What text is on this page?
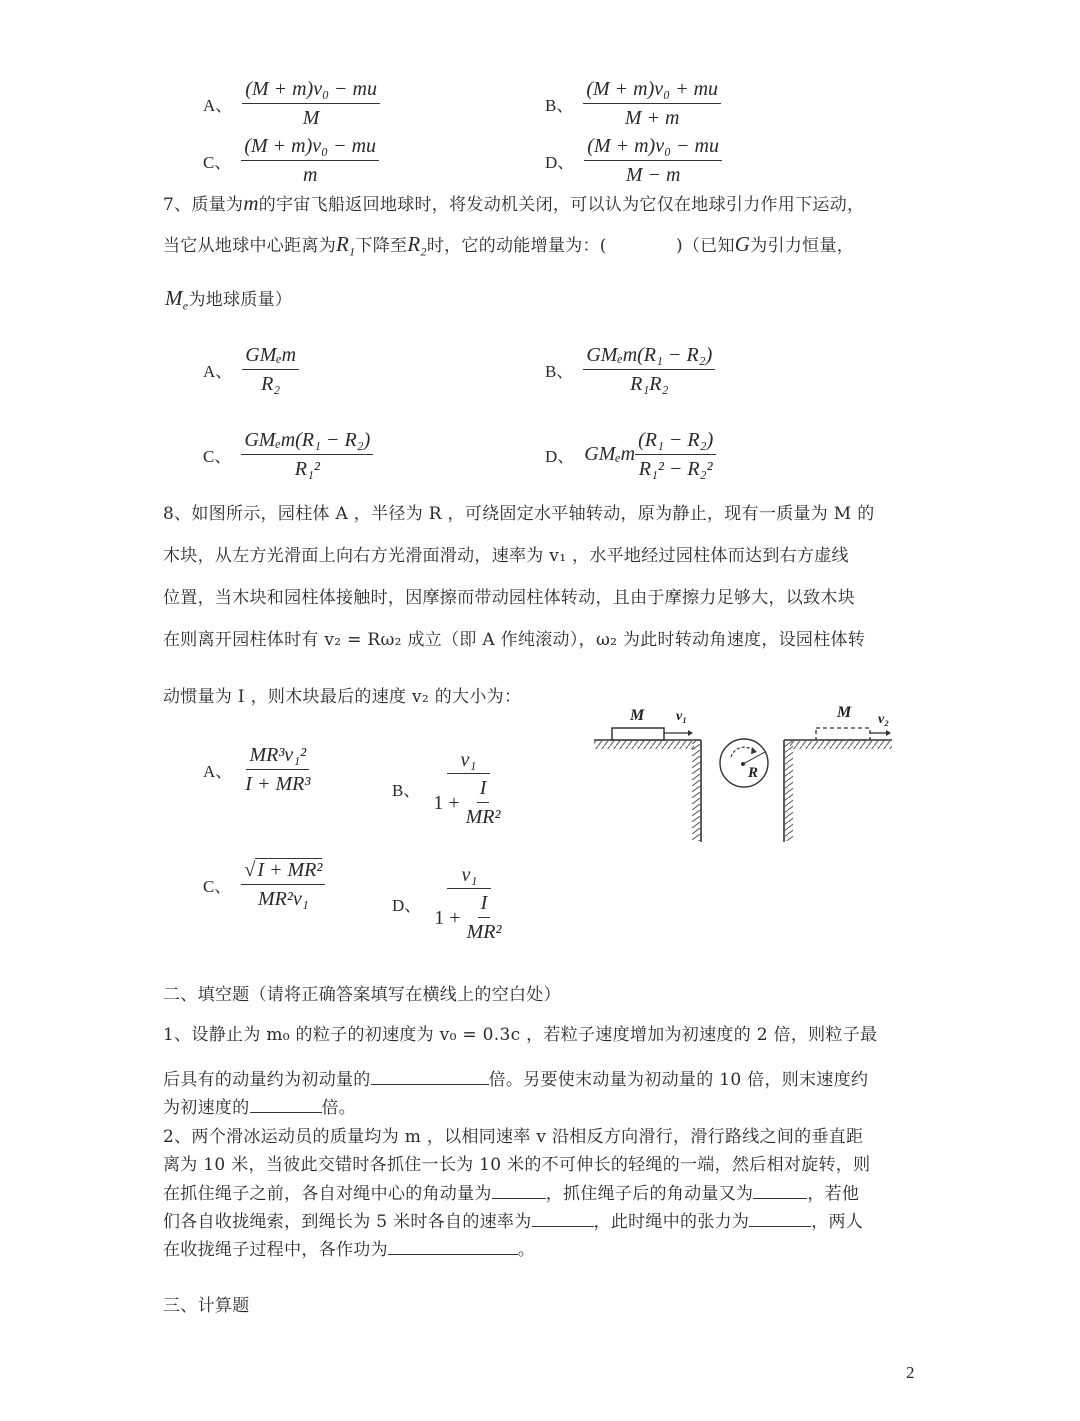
A、 $\frac{\text{(M + m)v₀ − mu}}{M}$	B、 $\frac{\text{(M + m)v₀ + mu}}{M + m}$
C、 $\frac{\text{(M + m)v₀ − mu}}{m}$	D、 $\frac{\text{(M + m)v₀ − mu}}{M - m}$
7、质量为m的宇宙飞船返回地球时，将发动机关闭，可以认为它仅在地球引力作用下运动，
当它从地球中心距离为$R_1$下降至$R_2$时，它的动能增量为：(　　　　)（已知G为引力恒量，
$M_e$为地球质量）
A、 $\frac{\text{GMₑm}}{\text{R₂}}$	B、 $\frac{\text{GMₑm(R₁ − R₂)}}{\text{R₁R₂}}$
C、 $\frac{\text{GMₑm(R₁ − R₂)}}{\text{R₁²}}$	D、 GMₑm $\frac{\text{(R₁ − R₂)}}{\text{R₁² − R₂²}}$
8、如图所示，园柱体 A ，半径为 R ，可绕固定水平轴转动，原为静止，现有一质量为 M 的
木块，从左方光滑面上向右方光滑面滑动，速率为 v₁ ，水平地经过园柱体而达到右方虚线
位置，当木块和园柱体接触时，因摩擦而带动园柱体转动，且由于摩擦力足够大，以致木块
在则离开园柱体时有 v₂ = Rω₂ 成立（即 A 作纯滚动），ω₂ 为此时转动角速度，设园柱体转
动惯量为 I ，则木块最后的速度 v₂ 的大小为：
A、 $\frac{\text{MR³v₁²}}{\text{I + MR³}}$	B、 $\frac{\text{v₁}}{1 + \frac{I}{\text{MR²}}}$
C、 $\frac{\text{√ I + MR²}}{\text{MR²v₁}}$	D、 $\frac{\text{v₁}}{1 + \frac{I}{\text{MR²}}}$
M v₁
R
M v₂
二、填空题（请将正确答案填写在横线上的空白处）
1、设静止为 m₀ 的粒子的初速度为 v₀ = 0.3c ，若粒子速度增加为初速度的 2 倍，则粒子最
后具有的动量约为初动量的	倍。另要使末动量为初动量的 10 倍，则末速度约
为初速度的	倍。
2、两个滑冰运动员的质量均为 m ，以相同速率 v 沿相反方向滑行，滑行路线之间的垂直距
离为 10 米，当彼此交错时各抓住一长为 10 米的不可伸长的轻绳的一端，然后相对旋转，则
在抓住绳子之前，各自对绳中心的角动量为	，抓住绳子后的角动量又为	，若他
们各自收拢绳索，到绳长为 5 米时各自的速率为	，此时绳中的张力为	，两人
在收拢绳子过程中，各作功为	。
三、计算题
2
